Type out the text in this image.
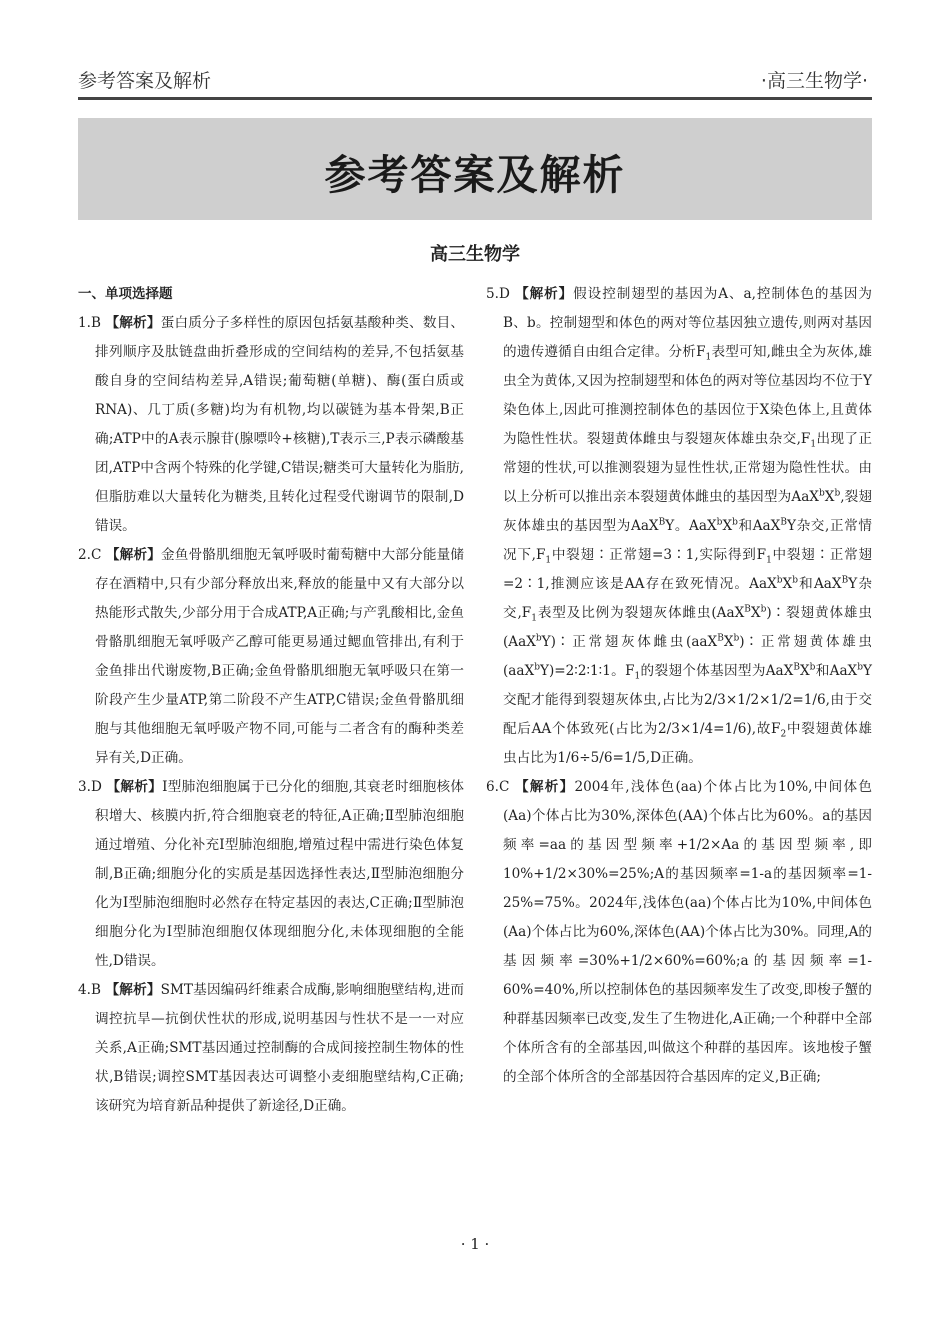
参考答案及解析	·高三生物学·
参考答案及解析
高三生物学
一、单项选择题

1.B 【解析】蛋白质分子多样性的原因包括氨基酸种类、数目、排列顺序及肽链盘曲折叠形成的空间结构的差异,不包括氨基酸自身的空间结构差异,A错误;葡萄糖(单糖)、酶(蛋白质或RNA)、几丁质(多糖)均为有机物,均以碳链为基本骨架,B正确;ATP中的A表示腺苷(腺嘌呤+核糖),T表示三,P表示磷酸基团,ATP中含两个特殊的化学键,C错误;糖类可大量转化为脂肪,但脂肪难以大量转化为糖类,且转化过程受代谢调节的限制,D错误。

2.C 【解析】金鱼骨骼肌细胞无氧呼吸时葡萄糖中大部分能量储存在酒精中,只有少部分释放出来,释放的能量中又有大部分以热能形式散失,少部分用于合成ATP,A正确;与产乳酸相比,金鱼骨骼肌细胞无氧呼吸产乙醇可能更易通过鳃血管排出,有利于金鱼排出代谢废物,B正确;金鱼骨骼肌细胞无氧呼吸只在第一阶段产生少量ATP,第二阶段不产生ATP,C错误;金鱼骨骼肌细胞与其他细胞无氧呼吸产物不同,可能与二者含有的酶种类差异有关,D正确。

3.D 【解析】Ⅰ型肺泡细胞属于已分化的细胞,其衰老时细胞核体积增大、核膜内折,符合细胞衰老的特征,A正确;Ⅱ型肺泡细胞通过增殖、分化补充Ⅰ型肺泡细胞,增殖过程中需进行染色体复制,B正确;细胞分化的实质是基因选择性表达,Ⅱ型肺泡细胞分化为Ⅰ型肺泡细胞时必然存在特定基因的表达,C正确;Ⅱ型肺泡细胞分化为Ⅰ型肺泡细胞仅体现细胞分化,未体现细胞的全能性,D错误。

4.B 【解析】SMT基因编码纤维素合成酶,影响细胞壁结构,进而调控抗旱—抗倒伏性状的形成,说明基因与性状不是一一对应关系,A正确;SMT基因通过控制酶的合成间接控制生物体的性状,B错误;调控SMT基因表达可调整小麦细胞壁结构,C正确;该研究为培育新品种提供了新途径,D正确。

5.D 【解析】假设控制翅型的基因为A、a,控制体色的基因为B、b。控制翅型和体色的两对等位基因独立遗传,则两对基因的遗传遵循自由组合定律。分析$F_1$表型可知,雌虫全为灰体,雄虫全为黄体,又因为控制翅型和体色的两对等位基因均不位于Y染色体上,因此可推测控制体色的基因位于X染色体上,且黄体为隐性性状。裂翅黄体雌虫与裂翅灰体雄虫杂交$,F_1$出现了正常翅的性状,可以推测裂翅为显性性状,正常翅为隐性性状。由以上分析可以推出亲本裂翅黄体雌虫的基因型为$AaX^bX^b$,裂翅灰体雄虫的基因型为AaX$^B$Y。$AaX^bX^b$和AaX$^B$Y杂交,正常情况下$,F_1$中裂翅∶正常翅=3∶1,实际得到$F_1$中裂翅∶正常翅=2∶1,推测应该是AA存在致死情况。$AaX^bX^b$和AaX$^B$Y杂交$,F_1$表型及比例为裂翅灰体雌虫$(AaX^BX^b)∶$裂翅黄体雄虫(AaX$^b$Y)∶正常翅灰体雌虫$(aaX^BX^b)∶$正常翅黄体雄虫(aaX$^b$Y)=2∶2∶1∶1。$F_1$的裂翅个体基因型为$AaX^BX^b$和AaX$^b$Y交配才能得到裂翅灰体虫,占比为2/3×1/2×1/2=1/6,由于交配后AA个体致死(占比为2/3×1/4=1/6),故$F_2$中裂翅黄体雄虫占比为1/6÷5/6=1/5,D正确。

6.C 【解析】2004年,浅体色(aa)个体占比为10%,中间体色(Aa)个体占比为30%,深体色(AA)个体占比为60%。a的基因频率=aa的基因型频率+1/2×Aa的基因型频率,即10%+1/2×30%=25%;A的基因频率=1-a的基因频率=1-25%=75%。2024年,浅体色(aa)个体占比为10%,中间体色(Aa)个体占比为60%,深体色(AA)个体占比为30%。同理,A的基因频率=30%+1/2×60%=60%;a的基因频率=1-60%=40%,所以控制体色的基因频率发生了改变,即梭子蟹的种群基因频率已改变,发生了生物进化,A正确;一个种群中全部个体所含有的全部基因,叫做这个种群的基因库。该地梭子蟹的全部个体所含的全部基因符合基因库的定义,B正确;

· 1 ·
